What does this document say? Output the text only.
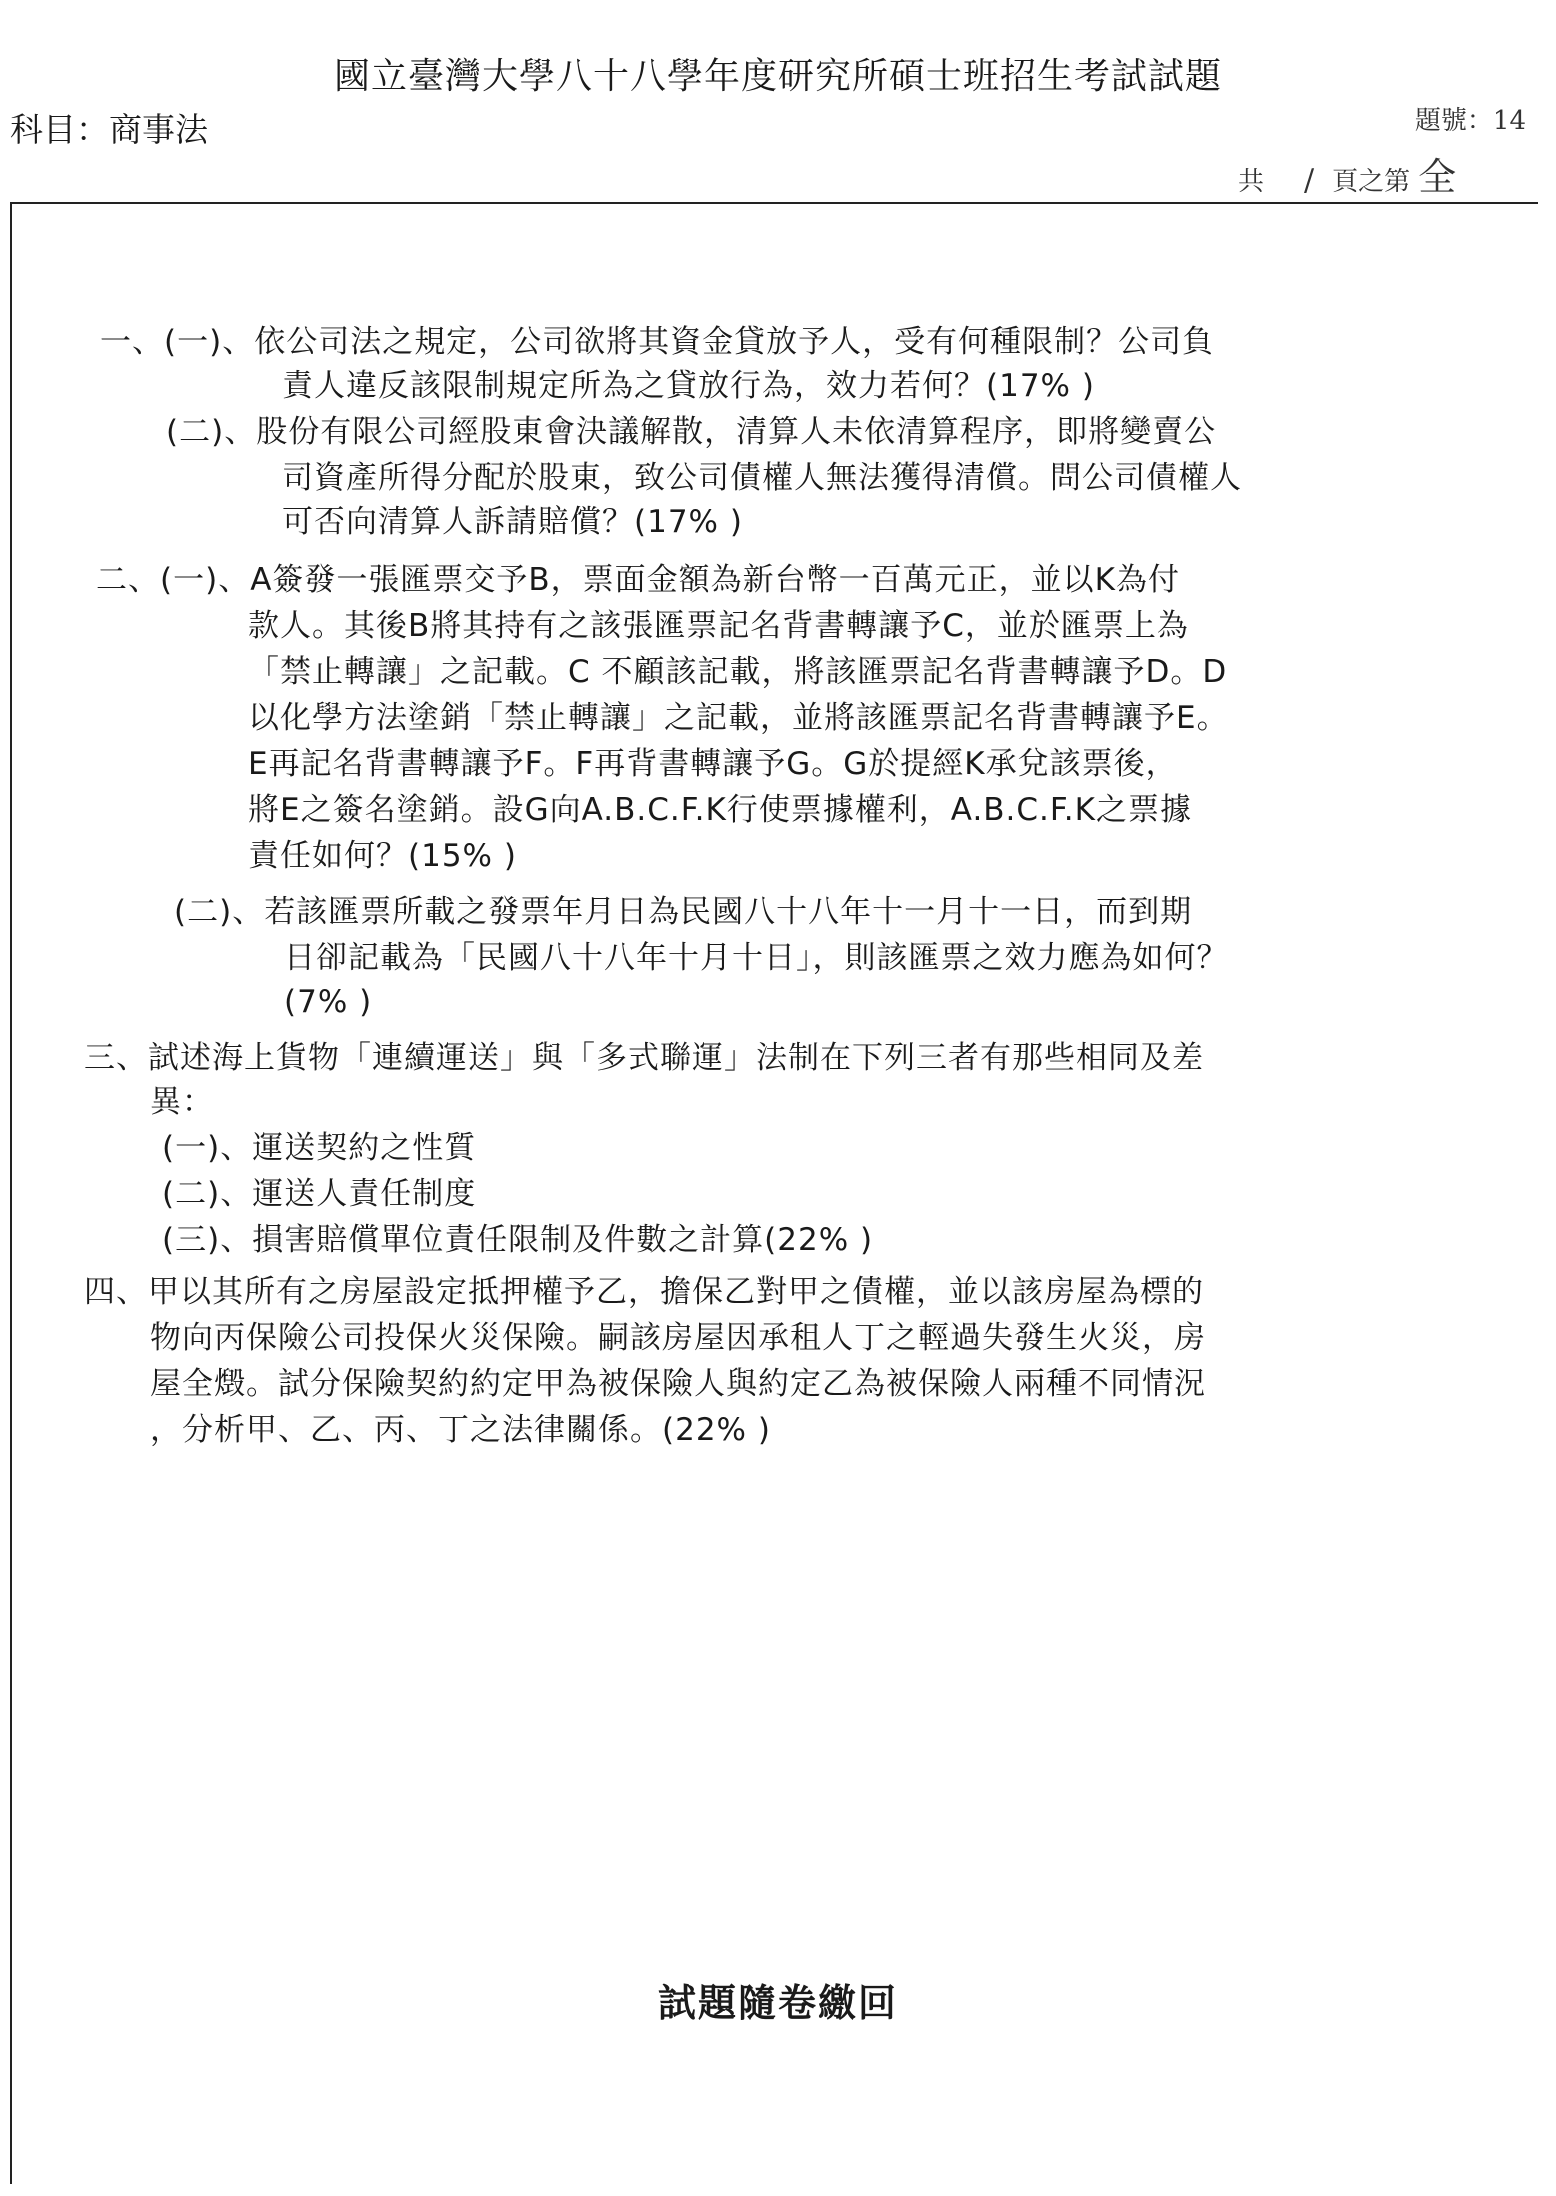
國立臺灣大學八十八學年度研究所碩士班招生考試試題
科目：商事法	題號：14
共 / 頁之第 全
一、(一)、依公司法之規定，公司欲將其資金貸放予人，受有何種限制？公司負
責人違反該限制規定所為之貸放行為，效力若何？(17% )
(二)、股份有限公司經股東會決議解散，清算人未依清算程序，即將變賣公
司資產所得分配於股東，致公司債權人無法獲得清償。問公司債權人
可否向清算人訴請賠償？(17% )
二、(一)、A簽發一張匯票交予B，票面金額為新台幣一百萬元正，並以K為付
款人。其後B將其持有之該張匯票記名背書轉讓予C，並於匯票上為
「禁止轉讓」之記載。C 不顧該記載，將該匯票記名背書轉讓予D。D
以化學方法塗銷「禁止轉讓」之記載，並將該匯票記名背書轉讓予E。
E再記名背書轉讓予F。F再背書轉讓予G。G於提經K承兌該票後，
將E之簽名塗銷。設G向A.B.C.F.K行使票據權利，A.B.C.F.K之票據
責任如何？(15% )
(二)、若該匯票所載之發票年月日為民國八十八年十一月十一日，而到期
日卻記載為「民國八十八年十月十日」，則該匯票之效力應為如何？
(7% )
三、試述海上貨物「連續運送」與「多式聯運」法制在下列三者有那些相同及差
異：
(一)、運送契約之性質
(二)、運送人責任制度
(三)、損害賠償單位責任限制及件數之計算(22% )
四、甲以其所有之房屋設定抵押權予乙，擔保乙對甲之債權，並以該房屋為標的
物向丙保險公司投保火災保險。嗣該房屋因承租人丁之輕過失發生火災，房
屋全燬。試分保險契約約定甲為被保險人與約定乙為被保險人兩種不同情況
，分析甲、乙、丙、丁之法律關係。(22% )
試題隨卷繳回
